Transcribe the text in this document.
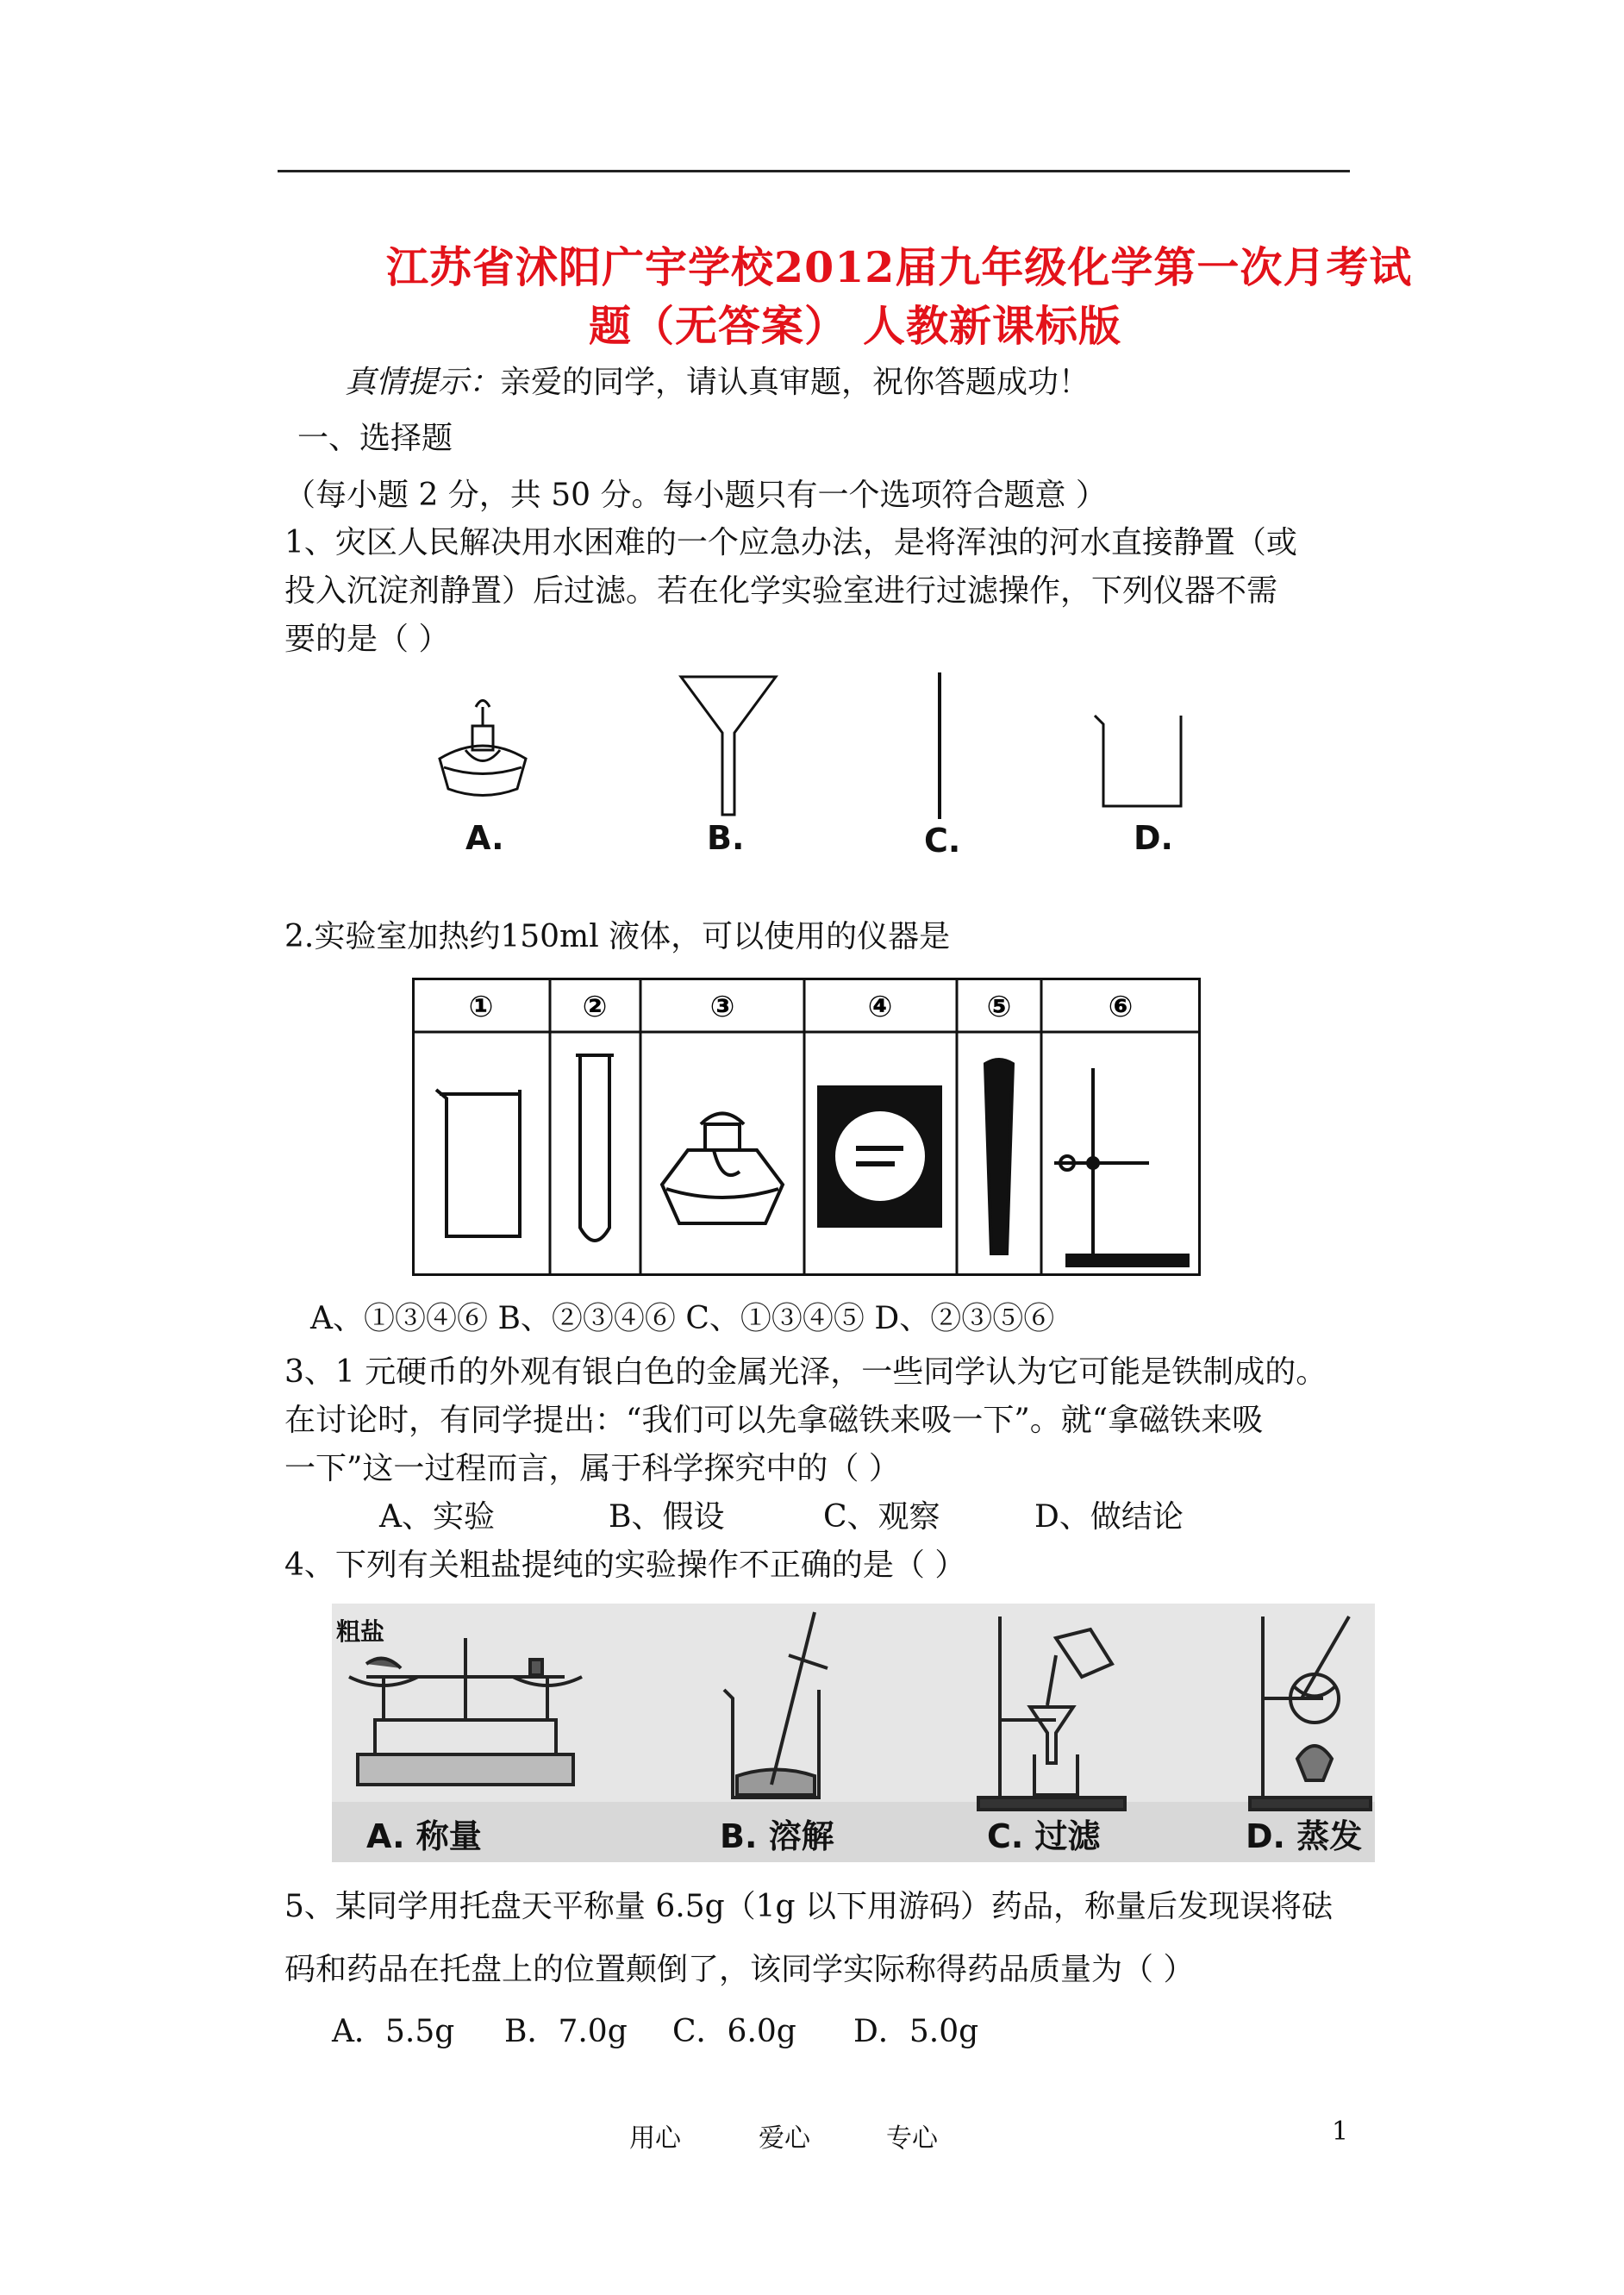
江苏省沭阳广宇学校2012届九年级化学第一次月考试
题（无答案） 人教新课标版
真情提示：亲爱的同学，请认真审题，祝你答题成功！
一、选择题
（每小题 2 分，共 50 分。每小题只有一个选项符合题意 ）
1、灾区人民解决用水困难的一个应急办法，是将浑浊的河水直接静置（或
投入沉淀剂静置）后过滤。若在化学实验室进行过滤操作，下列仪器不需
要的是（ ）
A.	B.	C.	D.
2.实验室加热约150ml 液体，可以使用的仪器是
①	②	③	④	⑤	⑥
A、①③④⑥ B、②③④⑥ C、①③④⑤ D、②③⑤⑥
3、1 元硬币的外观有银白色的金属光泽，一些同学认为它可能是铁制成的。
在讨论时，有同学提出：“我们可以先拿磁铁来吸一下”。就“拿磁铁来吸
一下”这一过程而言，属于科学探究中的（ ）
A、实验	B、假设	C、观察	D、做结论
4、下列有关粗盐提纯的实验操作不正确的是（ ）
粗盐
A. 称量	B. 溶解	C. 过滤	D. 蒸发
5、某同学用托盘天平称量 6.5g（1g 以下用游码）药品，称量后发现误将砝
码和药品在托盘上的位置颠倒了，该同学实际称得药品质量为（ ）
A．5.5g B．7.0g C．6.0g D．5.0g
用心	爱心	专心	1
